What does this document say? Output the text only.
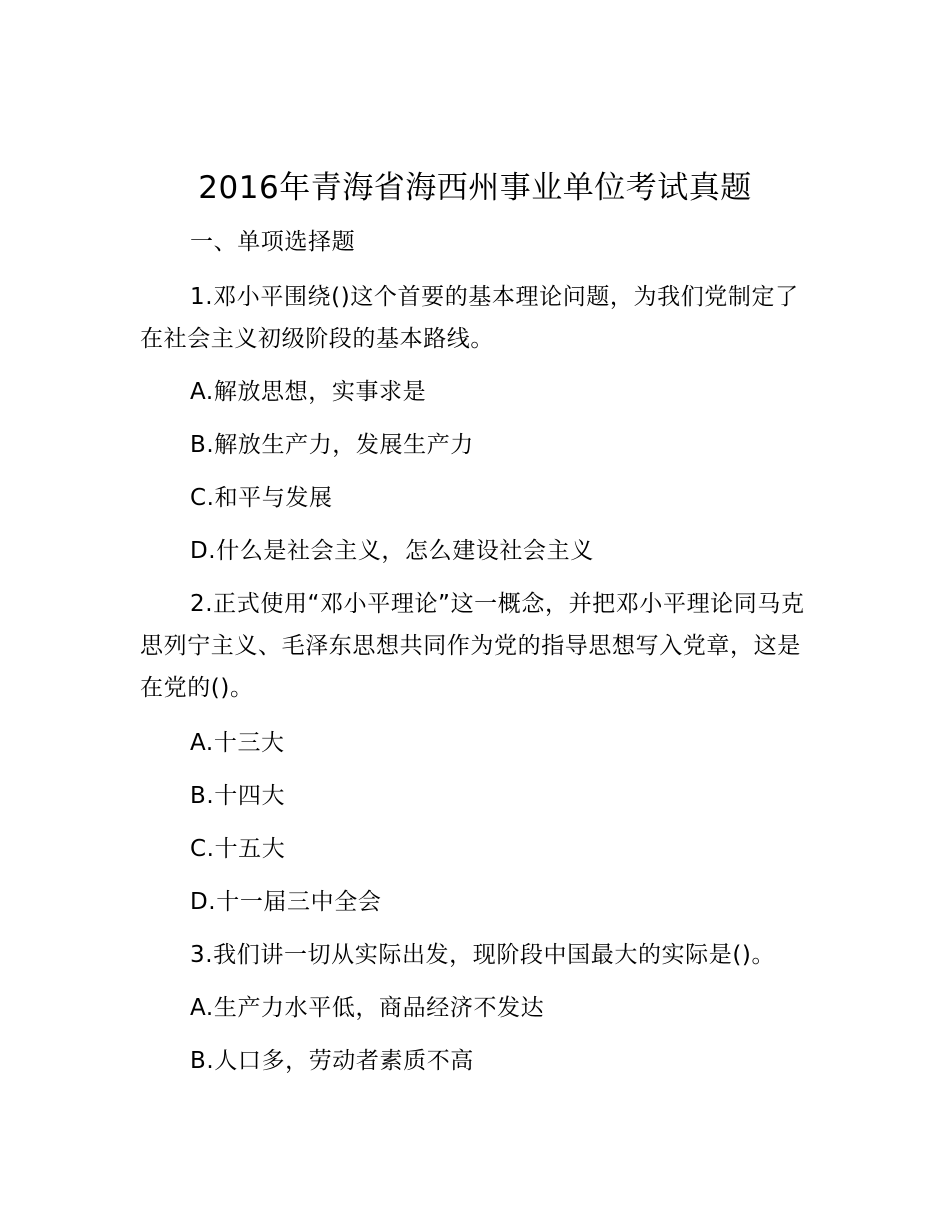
2016年青海省海西州事业单位考试真题
一、单项选择题

1.邓小平围绕()这个首要的基本理论问题，为我们党制定了在社会主义初级阶段的基本路线。

A.解放思想，实事求是
B.解放生产力，发展生产力
C.和平与发展
D.什么是社会主义，怎么建设社会主义

2.正式使用“邓小平理论”这一概念，并把邓小平理论同马克思列宁主义、毛泽东思想共同作为党的指导思想写入党章，这是在党的()。

A.十三大
B.十四大
C.十五大
D.十一届三中全会
3.我们讲一切从实际出发，现阶段中国最大的实际是()。
A.生产力水平低，商品经济不发达
B.人口多，劳动者素质不高
